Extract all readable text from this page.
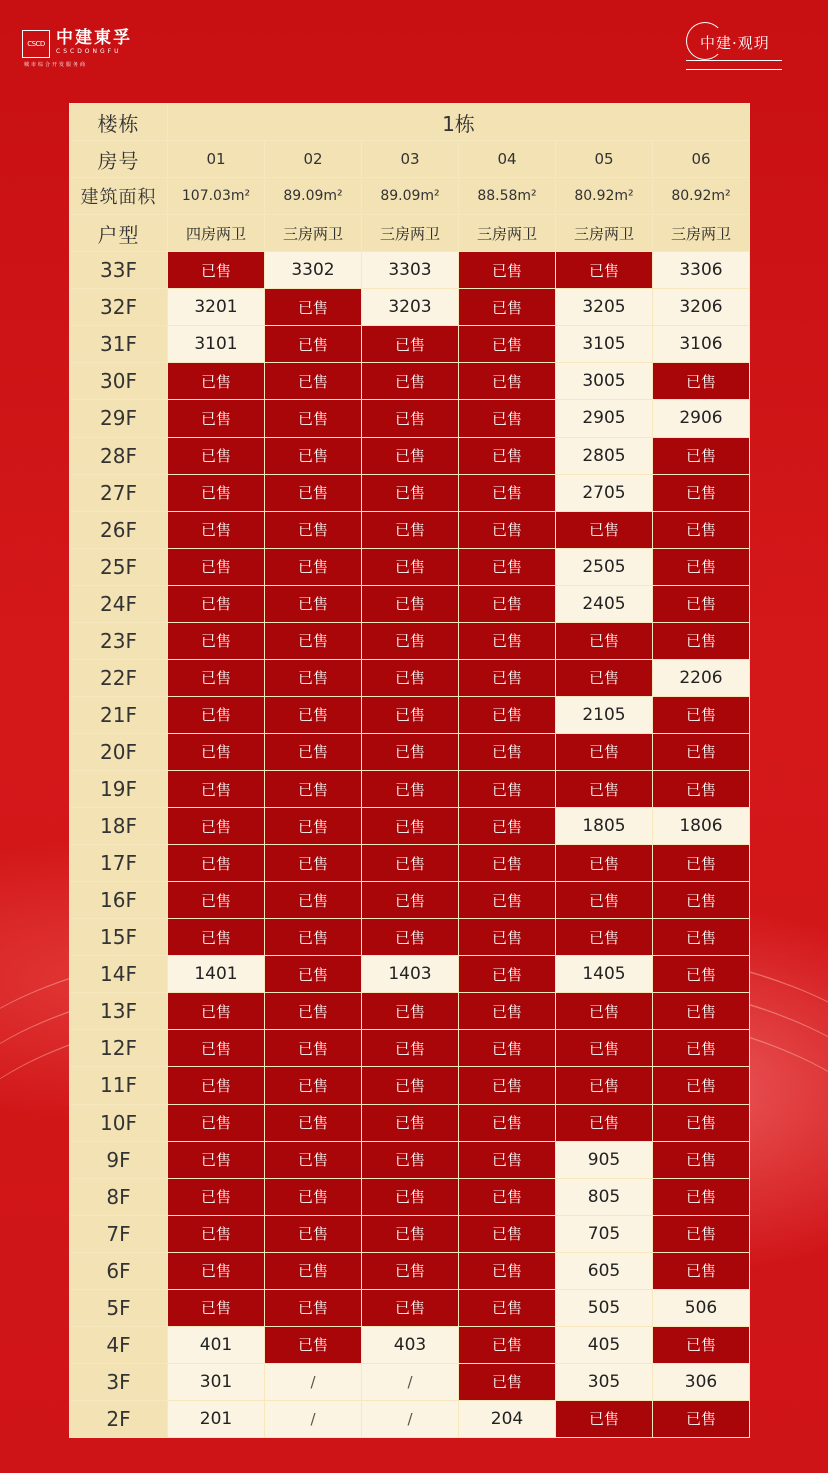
CSCD 中建東孚
CSCDONGFU
城市综合开发服务商
中建·观玥
楼栋	1栋
房号	01	02	03	04	05	06
建筑面积	107.03m²	89.09m²	89.09m²	88.58m²	80.92m²	80.92m²
户型	四房两卫	三房两卫	三房两卫	三房两卫	三房两卫	三房两卫
33F	已售	3302	3303	已售	已售	3306
32F	3201	已售	3203	已售	3205	3206
31F	3101	已售	已售	已售	3105	3106
30F	已售	已售	已售	已售	3005	已售
29F	已售	已售	已售	已售	2905	2906
28F	已售	已售	已售	已售	2805	已售
27F	已售	已售	已售	已售	2705	已售
26F	已售	已售	已售	已售	已售	已售
25F	已售	已售	已售	已售	2505	已售
24F	已售	已售	已售	已售	2405	已售
23F	已售	已售	已售	已售	已售	已售
22F	已售	已售	已售	已售	已售	2206
21F	已售	已售	已售	已售	2105	已售
20F	已售	已售	已售	已售	已售	已售
19F	已售	已售	已售	已售	已售	已售
18F	已售	已售	已售	已售	1805	1806
17F	已售	已售	已售	已售	已售	已售
16F	已售	已售	已售	已售	已售	已售
15F	已售	已售	已售	已售	已售	已售
14F	1401	已售	1403	已售	1405	已售
13F	已售	已售	已售	已售	已售	已售
12F	已售	已售	已售	已售	已售	已售
11F	已售	已售	已售	已售	已售	已售
10F	已售	已售	已售	已售	已售	已售
9F	已售	已售	已售	已售	905	已售
8F	已售	已售	已售	已售	805	已售
7F	已售	已售	已售	已售	705	已售
6F	已售	已售	已售	已售	605	已售
5F	已售	已售	已售	已售	505	506
4F	401	已售	403	已售	405	已售
3F	301	/	/	已售	305	306
2F	201	/	/	204	已售	已售
